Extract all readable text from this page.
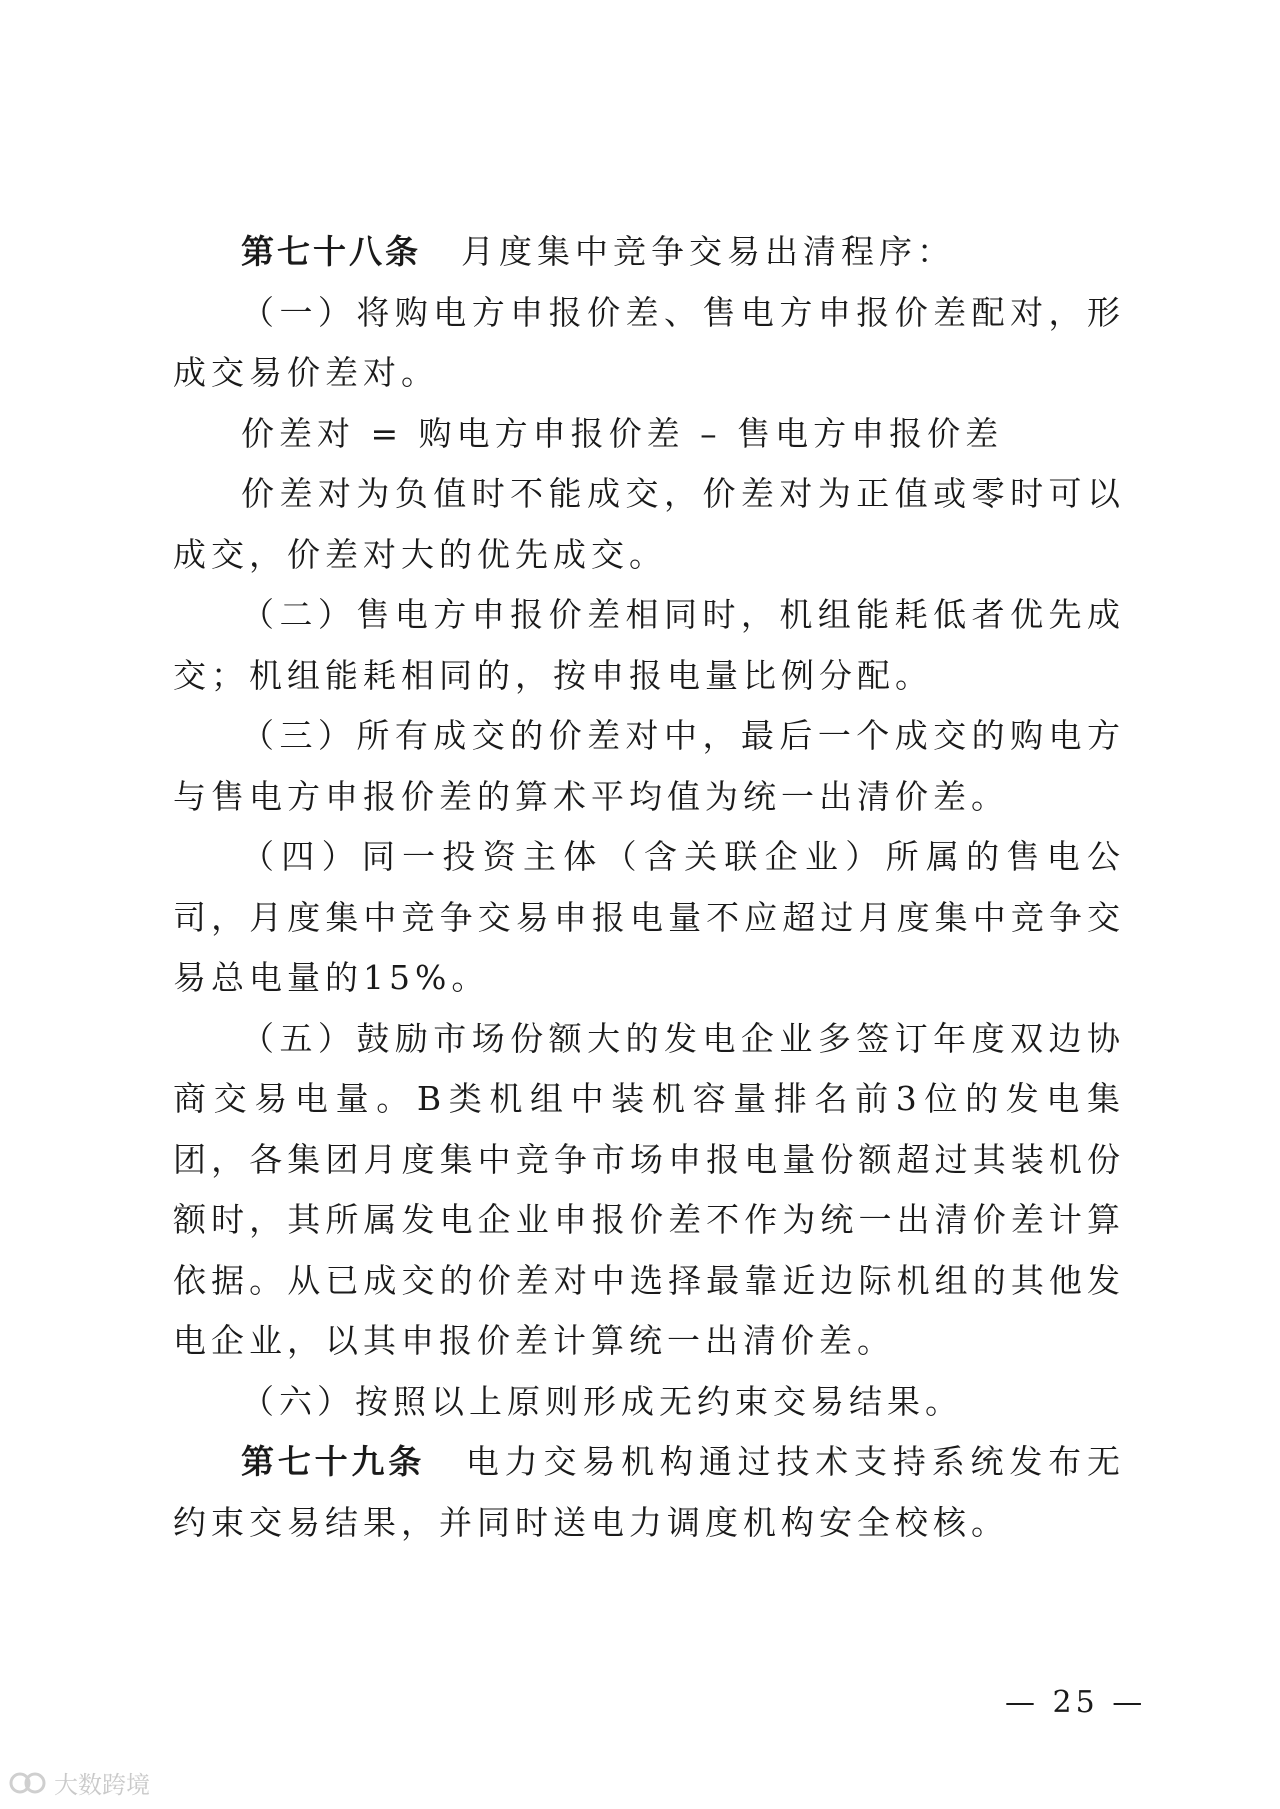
第七十八条 月度集中竞争交易出清程序：

（一）将购电方申报价差、售电方申报价差配对，形成交易价差对。

价差对 = 购电方申报价差 – 售电方申报价差

价差对为负值时不能成交，价差对为正值或零时可以成交，价差对大的优先成交。

（二）售电方申报价差相同时，机组能耗低者优先成交；机组能耗相同的，按申报电量比例分配。

（三）所有成交的价差对中，最后一个成交的购电方与售电方申报价差的算术平均值为统一出清价差。

（四）同一投资主体（含关联企业）所属的售电公司，月度集中竞争交易申报电量不应超过月度集中竞争交易总电量的15%。

（五）鼓励市场份额大的发电企业多签订年度双边协商交易电量。B类机组中装机容量排名前3位的发电集团，各集团月度集中竞争市场申报电量份额超过其装机份额时，其所属发电企业申报价差不作为统一出清价差计算依据。从已成交的价差对中选择最靠近边际机组的其他发电企业，以其申报价差计算统一出清价差。

（六）按照以上原则形成无约束交易结果。

第七十九条 电力交易机构通过技术支持系统发布无约束交易结果，并同时送电力调度机构安全校核。

— 25 —
大数跨境
